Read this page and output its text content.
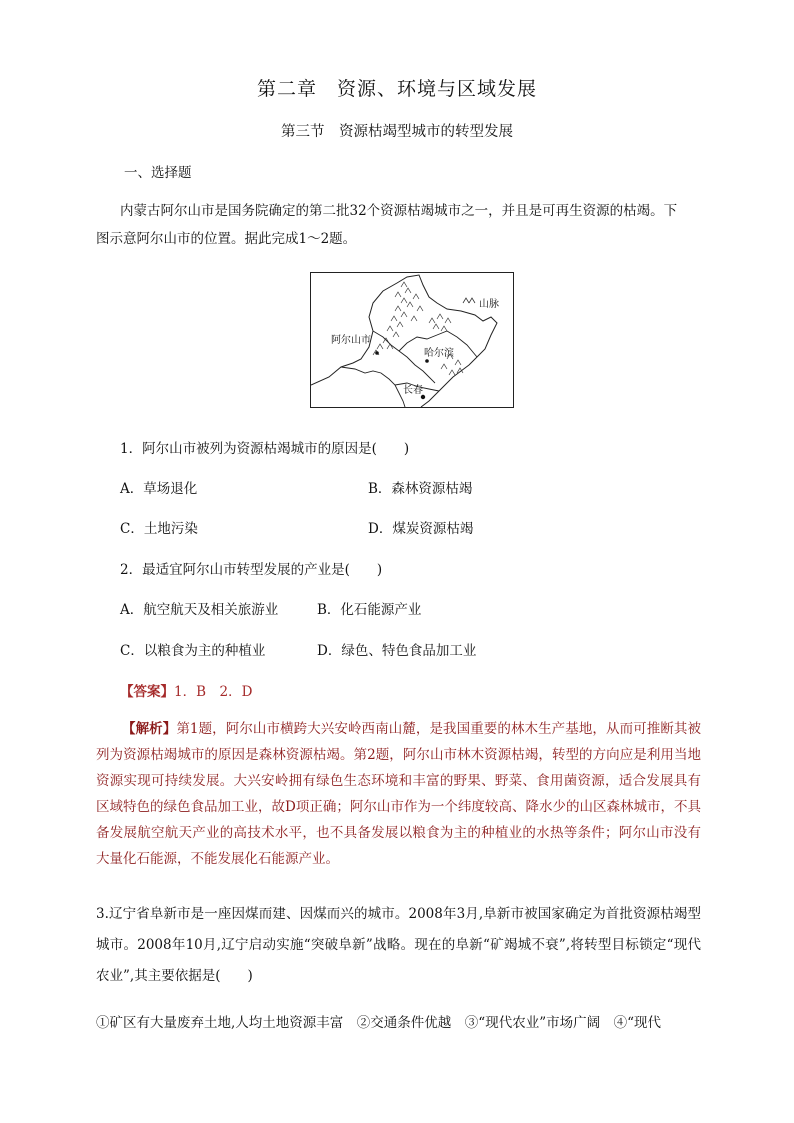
第二章　资源、环境与区域发展
第三节　资源枯竭型城市的转型发展
一、选择题
内蒙古阿尔山市是国务院确定的第二批32个资源枯竭城市之一，并且是可再生资源的枯竭。下
图示意阿尔山市的位置。据此完成1～2题。
山脉
阿尔山市
哈尔滨
长春
1．阿尔山市被列为资源枯竭城市的原因是(　　)
A．草场退化	B．森林资源枯竭
C．土地污染	D．煤炭资源枯竭
2．最适宜阿尔山市转型发展的产业是(　　)
A．航空航天及相关旅游业	B．化石能源产业
C．以粮食为主的种植业	D．绿色、特色食品加工业
【答案】1．B　2．D
【解析】第1题，阿尔山市横跨大兴安岭西南山麓，是我国重要的林木生产基地，从而可推断其被列为资源枯竭城市的原因是森林资源枯竭。第2题，阿尔山市林木资源枯竭，转型的方向应是利用当地资源实现可持续发展。大兴安岭拥有绿色生态环境和丰富的野果、野菜、食用菌资源，适合发展具有区域特色的绿色食品加工业，故D项正确；阿尔山市作为一个纬度较高、降水少的山区森林城市，不具备发展航空航天产业的高技术水平，也不具备发展以粮食为主的种植业的水热等条件；阿尔山市没有大量化石能源，不能发展化石能源产业。
3.辽宁省阜新市是一座因煤而建、因煤而兴的城市。2008年3月,阜新市被国家确定为首批资源枯竭型城市。2008年10月,辽宁启动实施“突破阜新”战略。现在的阜新“矿竭城不衰”,将转型目标锁定“现代农业”,其主要依据是(　　)
①矿区有大量废弃土地,人均土地资源丰富　②交通条件优越　③“现代农业”市场广阔　④“现代
